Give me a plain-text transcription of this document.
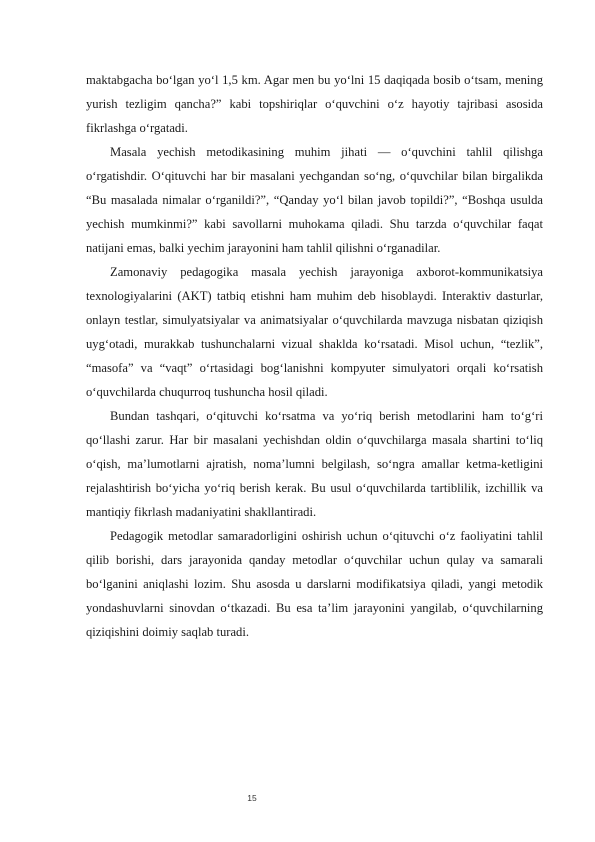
maktabgacha bo‘lgan yo‘l 1,5 km. Agar men bu yo‘lni 15 daqiqada bosib o‘tsam, mening yurish tezligim qancha?” kabi topshiriqlar o‘quvchini o‘z hayotiy tajribasi asosida fikrlashga o‘rgatadi.

Masala yechish metodikasining muhim jihati — o‘quvchini tahlil qilishga o‘rgatishdir. O‘qituvchi har bir masalani yechgandan so‘ng, o‘quvchilar bilan birgalikda “Bu masalada nimalar o‘rganildi?”, “Qanday yo‘l bilan javob topildi?”, “Boshqa usulda yechish mumkinmi?” kabi savollarni muhokama qiladi. Shu tarzda o‘quvchilar faqat natijani emas, balki yechim jarayonini ham tahlil qilishni o‘rganadilar.

Zamonaviy pedagogika masala yechish jarayoniga axborot-kommunikatsiya texnologiyalarini (AKT) tatbiq etishni ham muhim deb hisoblaydi. Interaktiv dasturlar, onlayn testlar, simulyatsiyalar va animatsiyalar o‘quvchilarda mavzuga nisbatan qiziqish uyg‘otadi, murakkab tushunchalarni vizual shaklda ko‘rsatadi. Misol uchun, “tezlik”, “masofa” va “vaqt” o‘rtasidagi bog‘lanishni kompyuter simulyatori orqali ko‘rsatish o‘quvchilarda chuqurroq tushuncha hosil qiladi.

Bundan tashqari, o‘qituvchi ko‘rsatma va yo‘riq berish metodlarini ham to‘g‘ri qo‘llashi zarur. Har bir masalani yechishdan oldin o‘quvchilarga masala shartini to‘liq o‘qish, ma’lumotlarni ajratish, noma’lumni belgilash, so‘ngra amallar ketma-ketligini rejalashtirish bo‘yicha yo‘riq berish kerak. Bu usul o‘quvchilarda tartiblilik, izchillik va mantiqiy fikrlash madaniyatini shakllantiradi.

Pedagogik metodlar samaradorligini oshirish uchun o‘qituvchi o‘z faoliyatini tahlil qilib borishi, dars jarayonida qanday metodlar o‘quvchilar uchun qulay va samarali bo‘lganini aniqlashi lozim. Shu asosda u darslarni modifikatsiya qiladi, yangi metodik yondashuvlarni sinovdan o‘tkazadi. Bu esa ta’lim jarayonini yangilab, o‘quvchilarning qiziqishini doimiy saqlab turadi.

15
